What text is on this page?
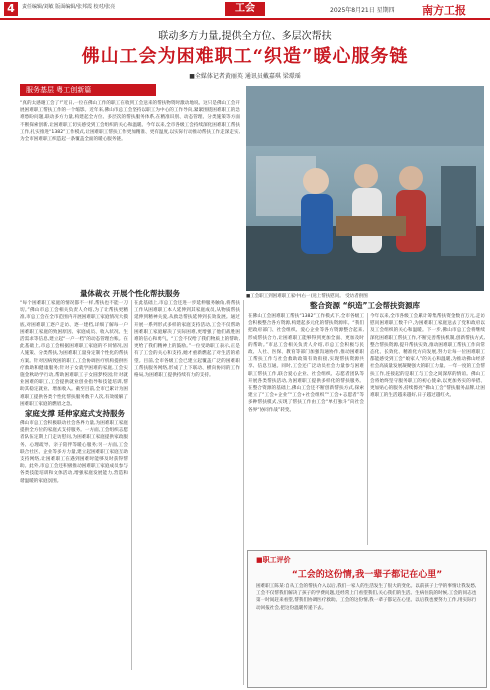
4	责任编辑/刘敏 版面编辑/张邦霞 校对/张亮	工会	2025年8月21日 星期四 南方工报
联动多方力量,提供全方位、多层次帮扶
佛山工会为困难职工“织造”暖心服务链
■全媒体记者黄丽英 通讯员戴嘉琪 梁璟瑶
服务基层 粤工创新篇
“真的太感谢工会了!”近日,一位在佛山工作的职工在收到工会送来的帮扶物资时激动地说。这只是佛山工会开展困难职工帮扶工作的一个缩影。近年来,佛山市总工会坚持以职工为中心的工作导向,紧紧围绕困难职工的急难愁盼问题,联动多方力量,构建起全方位、多层次的帮扶服务体系,在精准识别、动态管理、分类施策等方面不断探索创新,让困难职工切实感受到工会组织的关心和温暖。今年以来,全市各级工会持续深化困难职工帮扶工作,扎实推进“1382”工作模式,让困难职工帮扶工作更加精准、更有温度,以实际行动推动帮扶工作走深走实,为全市困难职工织造起一条覆盖全面的暖心服务链。
■工会职工到困难职工家中(右一)送上帮扶慰问。 受访者供图
量体裁衣 开展个性化帮扶服务
“每个困难职工家庭的情况都不一样,帮扶也不能一刀切。”佛山市总工会相关负责人介绍,为了让帮扶更精准,市总工会在全市范围内开展困难职工家庭情况大摸底,对困难职工逐户走访、逐一建档,详细了解每一户困难职工家庭的致困原因、家庭成员、收入状况、生活需求等信息,建立起“一户一档”的动态管理台账。在此基础上,市总工会根据困难职工家庭的不同情况,因人施策、分类帮扶,为困难职工量身定制个性化的帮扶方案。针对因病致困的职工,工会协调医疗机构提供医疗救助和健康服务;针对子女就学困难的家庭,工会实施金秋助学行动,帮助困难职工子女圆梦校园;针对就业困难的职工,工会提供就业创业指导和技能培训,帮助其稳定就业、增加收入。截至目前,全市已累计为困难职工提供各类个性化帮扶服务数千人次,有效缓解了困难职工家庭的燃眉之急。
家庭支撑 延伸家庭式支持服务
佛山市总工会积极联动社会各界力量,为困难职工家庭提供全方位的家庭式支持服务。一方面,工会组织志愿者队伍定期上门走访慰问,为困难职工家庭提供家政服务、心理疏导、亲子陪伴等暖心服务;另一方面,工会联合社区、企业等多方力量,建立起困难职工家庭互助支持网络,让困难职工在遇到困难时能够及时获得帮助。此外,市总工会还积极推动困难职工家庭成员参与各类技能培训和文体活动,增强家庭发展能力,营造和谐温暖的家庭氛围。
在此基础上,市总工会还进一步延伸服务触角,将帮扶工作从困难职工本人延伸到其家庭成员,从物质帮扶延伸到精神关爱,从救急帮扶延伸到长效发展。通过开展一系列形式多样的家庭支持活动,工会不仅帮助困难职工家庭解决了实际困难,更增强了他们战胜困难的信心和勇气。“工会不仅给了我们物质上的帮助,更给了我们精神上的鼓励。”一位受助职工表示,正是有了工会的关心和支持,她才重新燃起了对生活的希望。目前,全市各级工会已建立起覆盖广泛的困难职工帮扶服务网络,形成了上下联动、横向协同的工作格局,为困难职工提供持续有力的支持。
整合资源 “织造”工会帮扶资源库
在佛山工会困难职工帮扶“1382”工作模式下,全市各级工会积极整合各方资源,构建起多元化的帮扶资源库。“我们把政府部门、社会组织、爱心企业等各方资源整合起来,形成帮扶合力,让困难职工能够得到更加全面、更加及时的帮助。”市总工会相关负责人介绍,市总工会积极与民政、人社、医保、教育等部门加强沟通协作,推动困难职工帮扶工作与社会救助政策有效衔接,实现帮扶资源共享、信息互通。同时,工会还广泛动员社会力量参与困难职工帮扶工作,联合爱心企业、社会组织、志愿者团队等开展各类帮扶活动,为困难职工提供多样化的帮扶服务。在整合资源的基础上,佛山工会还不断创新帮扶方式,探索建立了“工会+企业”“工会+社会组织”“工会+志愿者”等多种帮扶模式,实现了帮扶工作由工会“单打独斗”向社会各界“协同作战”转变。
今年以来,全市各级工会累计筹集帮扶资金数百万元,走访慰问困难职工数千户,为困难职工家庭送去了党和政府以及工会组织的关心和温暖。下一步,佛山市总工会将继续深化困难职工帮扶工作,不断完善帮扶机制,创新帮扶方式,整合帮扶资源,提升帮扶实效,推动困难职工帮扶工作向常态化、长效化、精准化方向发展,努力让每一位困难职工都能感受到工会“娘家人”的关心和温暖,为推动佛山经济社会高质量发展凝聚强大的职工力量。一年一度的工会帮扶工作,连接起的是职工与工会之间深厚的情谊。佛山工会将始终坚守服务职工的初心使命,以更加务实的举措、更加贴心的服务,持续擦亮“佛山工会”帮扶服务品牌,让困难职工的生活越来越好,日子越过越红火。
■职工评价
“工会的这份情,我一辈子都记在心里”
困难职工陈某:自从工会的帮扶介入以后,我们一家人的生活发生了很大的变化。以前孩子上学的事情让我发愁,工会不仅帮我们解决了孩子的学费问题,还经常上门看望我们,关心我们的生活。生病住院的时候,工会的同志也第一时间赶来看望,帮我们协调医疗救助。工会的这份情,我一辈子都记在心里。以后我也要努力工作,用实际行动回报社会,把这份温暖传递下去。
